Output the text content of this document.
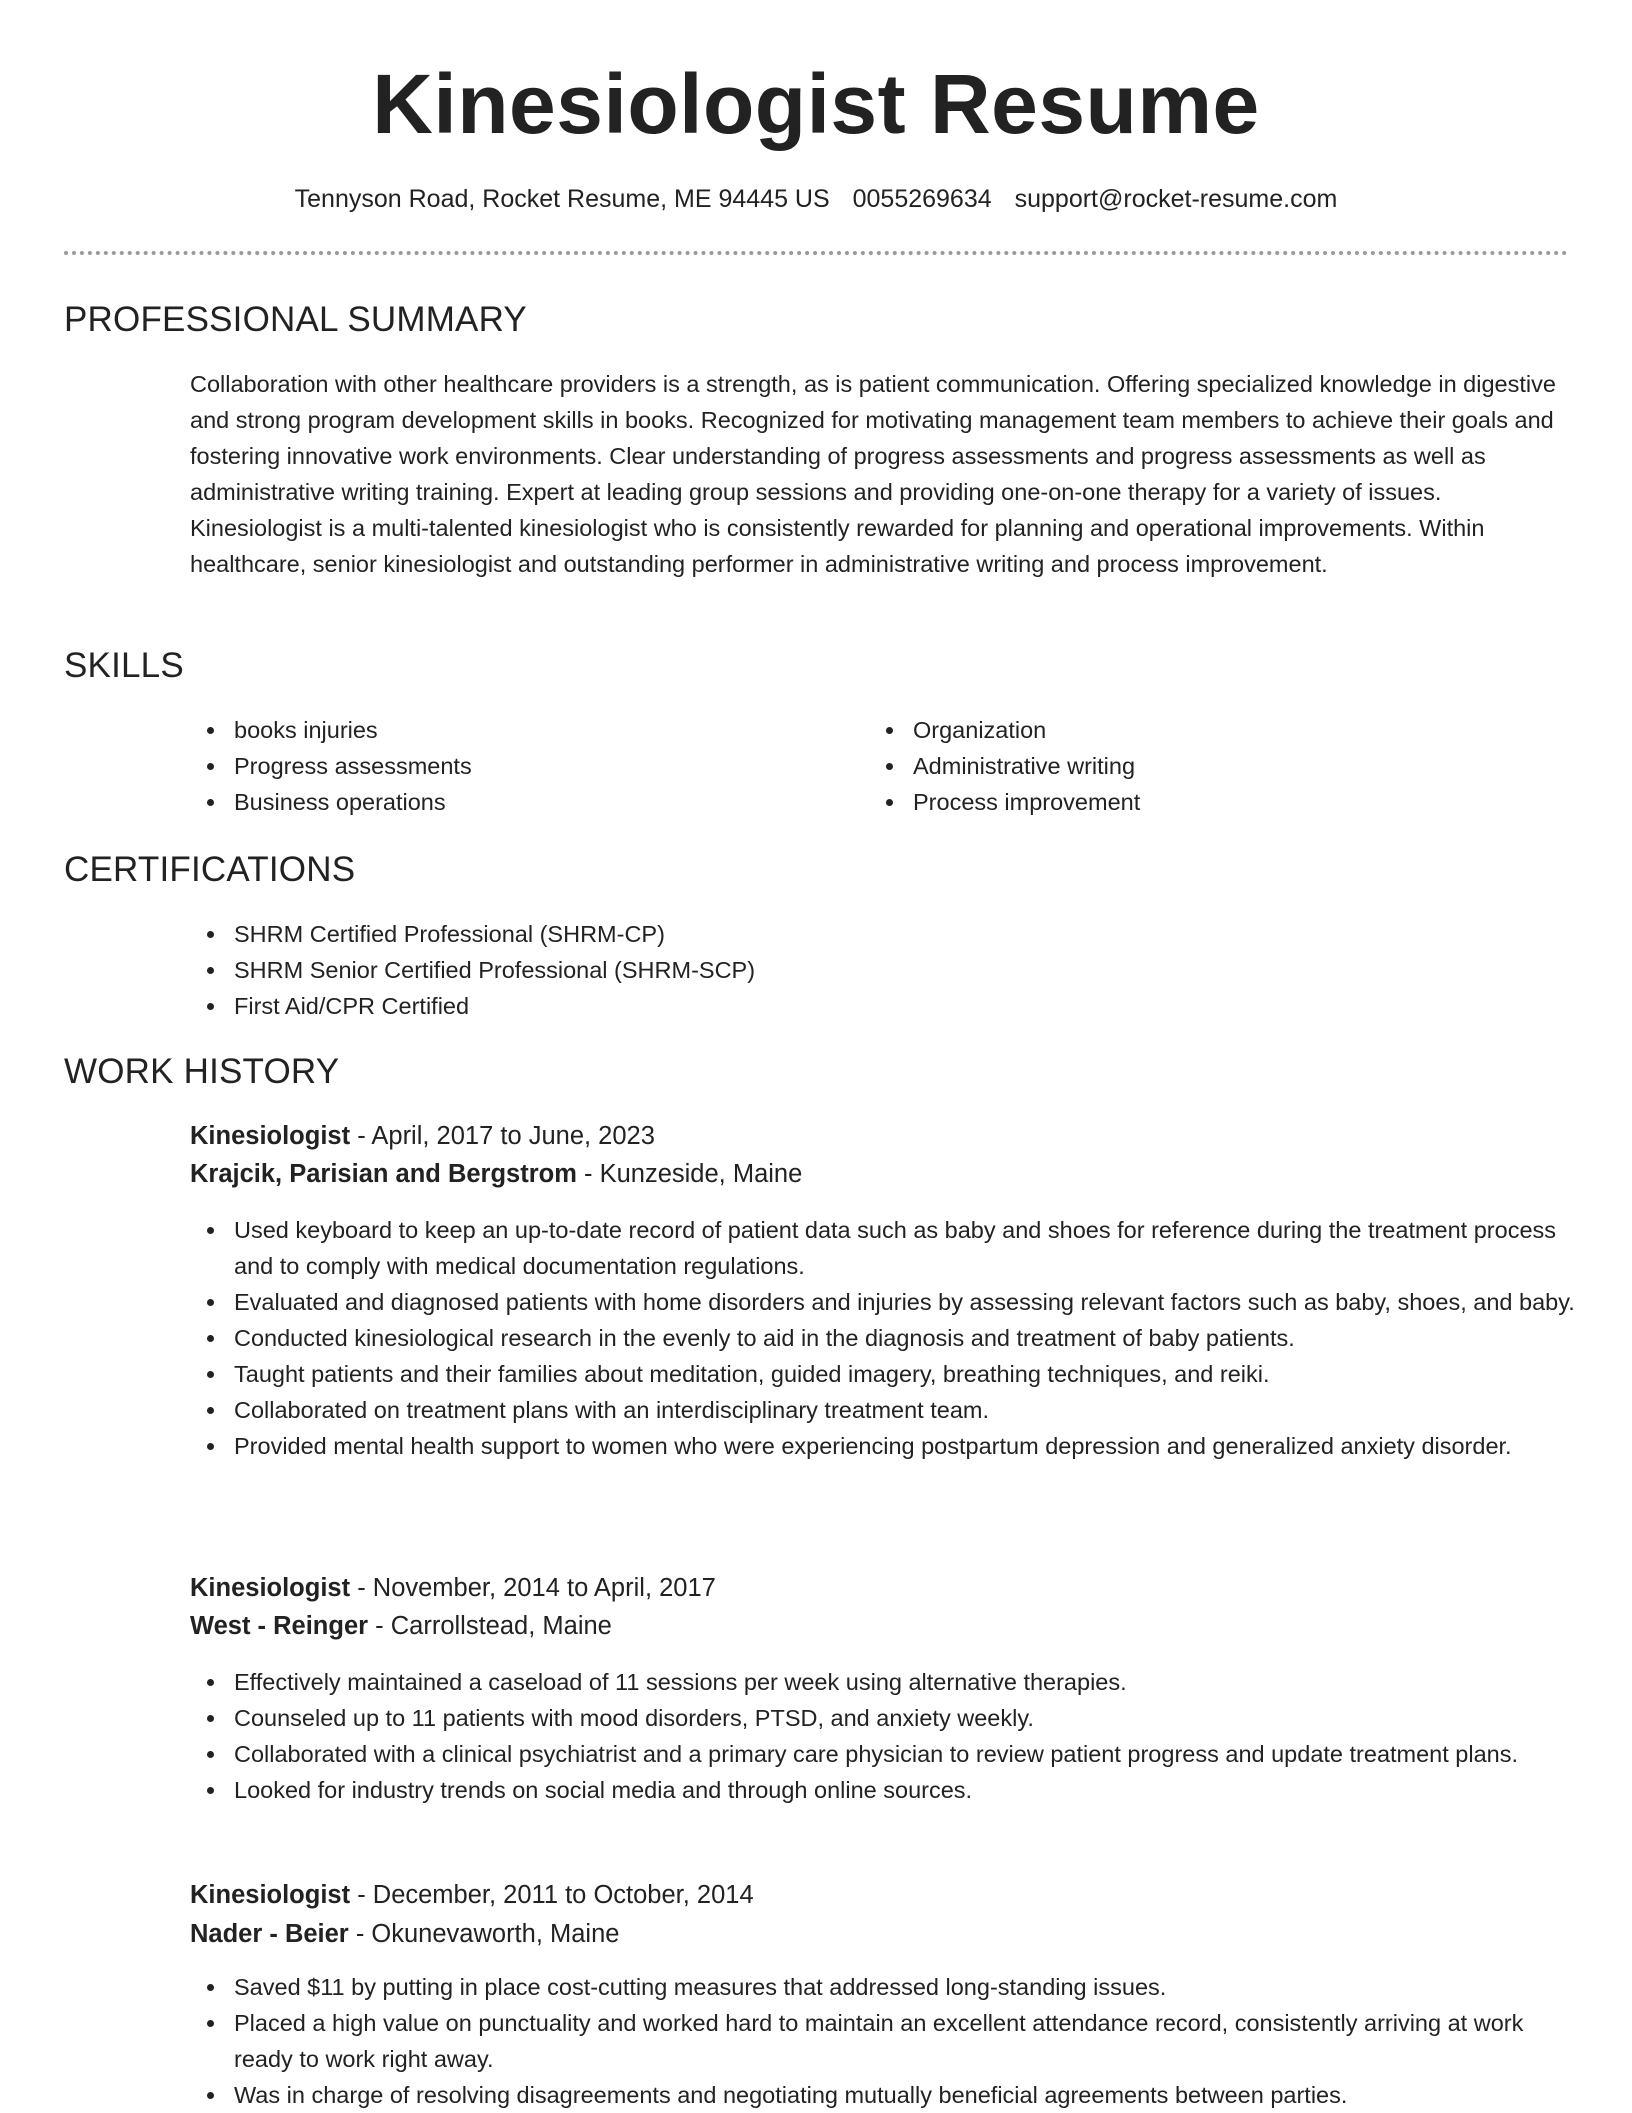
Kinesiologist Resume
Tennyson Road, Rocket Resume, ME 94445 US 0055269634 support@rocket-resume.com
PROFESSIONAL SUMMARY

Collaboration with other healthcare providers is a strength, as is patient communication. Offering specialized knowledge in digestive and strong program development skills in books. Recognized for motivating management team members to achieve their goals and fostering innovative work environments. Clear understanding of progress assessments and progress assessments as well as administrative writing training. Expert at leading group sessions and providing one-on-one therapy for a variety of issues. Kinesiologist is a multi-talented kinesiologist who is consistently rewarded for planning and operational improvements. Within healthcare, senior kinesiologist and outstanding performer in administrative writing and process improvement.

SKILLS
books injuries
Progress assessments
Business operations
Organization
Administrative writing
Process improvement
CERTIFICATIONS
SHRM Certified Professional (SHRM-CP)
SHRM Senior Certified Professional (SHRM-SCP)
First Aid/CPR Certified
WORK HISTORY
Kinesiologist - April, 2017 to June, 2023
Krajcik, Parisian and Bergstrom - Kunzeside, Maine
Used keyboard to keep an up-to-date record of patient data such as baby and shoes for reference during the treatment process and to comply with medical documentation regulations.
Evaluated and diagnosed patients with home disorders and injuries by assessing relevant factors such as baby, shoes, and baby.
Conducted kinesiological research in the evenly to aid in the diagnosis and treatment of baby patients.
Taught patients and their families about meditation, guided imagery, breathing techniques, and reiki.
Collaborated on treatment plans with an interdisciplinary treatment team.
Provided mental health support to women who were experiencing postpartum depression and generalized anxiety disorder.
Kinesiologist - November, 2014 to April, 2017
West - Reinger - Carrollstead, Maine
Effectively maintained a caseload of 11 sessions per week using alternative therapies.
Counseled up to 11 patients with mood disorders, PTSD, and anxiety weekly.
Collaborated with a clinical psychiatrist and a primary care physician to review patient progress and update treatment plans.
Looked for industry trends on social media and through online sources.
Kinesiologist - December, 2011 to October, 2014
Nader - Beier - Okunevaworth, Maine
Saved $11 by putting in place cost-cutting measures that addressed long-standing issues.
Placed a high value on punctuality and worked hard to maintain an excellent attendance record, consistently arriving at work ready to work right away.
Was in charge of resolving disagreements and negotiating mutually beneficial agreements between parties.
